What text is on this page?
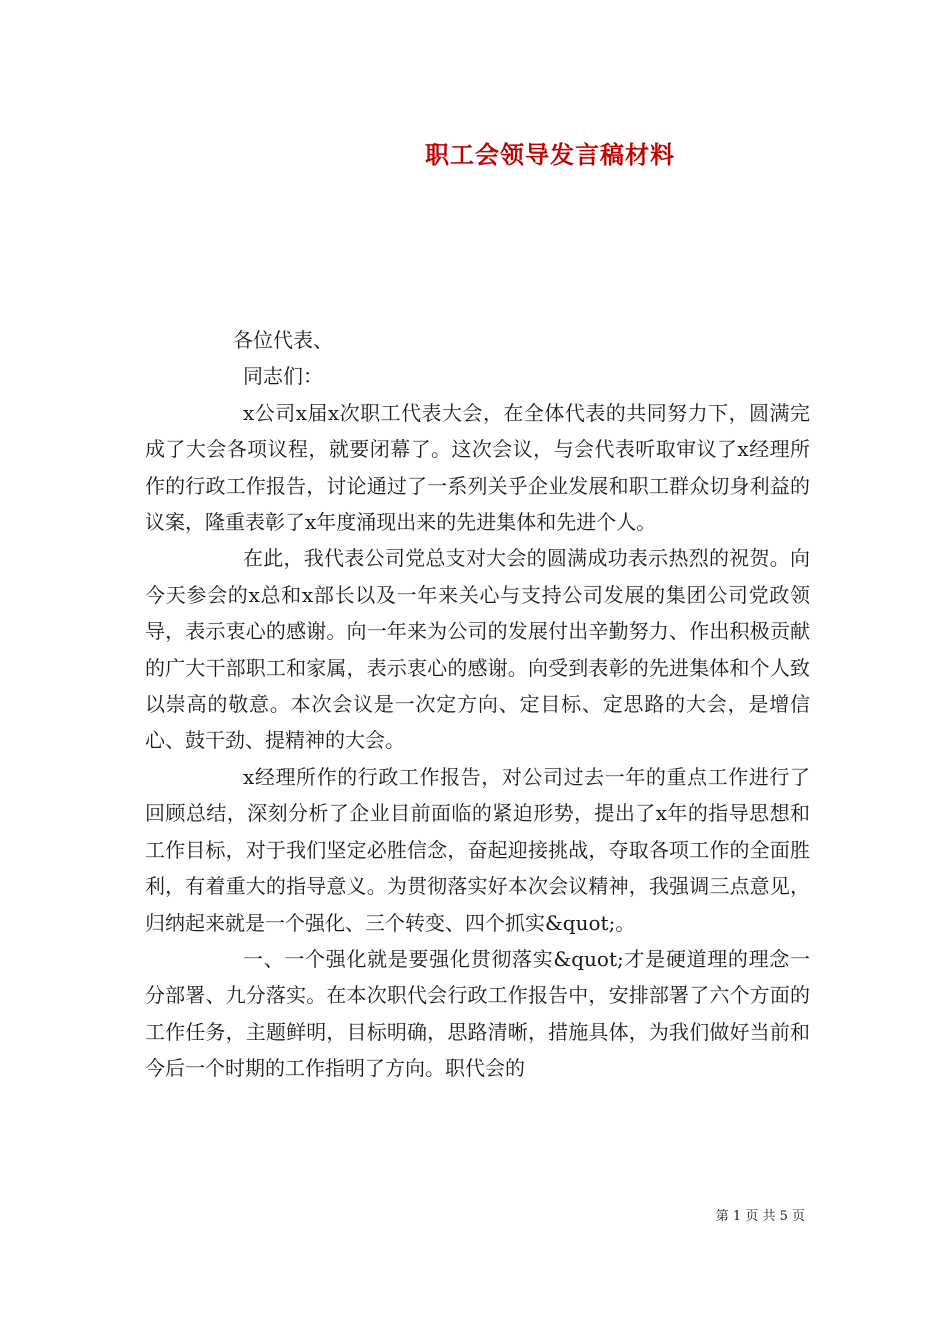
职工会领导发言稿材料

各位代表、

同志们：

x公司x届x次职工代表大会，在全体代表的共同努力下，圆满完成了大会各项议程，就要闭幕了。这次会议，与会代表听取审议了x经理所作的行政工作报告，讨论通过了一系列关乎企业发展和职工群众切身利益的议案，隆重表彰了x年度涌现出来的先进集体和先进个人。

在此，我代表公司党总支对大会的圆满成功表示热烈的祝贺。向今天参会的x总和x部长以及一年来关心与支持公司发展的集团公司党政领导，表示衷心的感谢。向一年来为公司的发展付出辛勤努力、作出积极贡献的广大干部职工和家属，表示衷心的感谢。向受到表彰的先进集体和个人致以崇高的敬意。本次会议是一次定方向、定目标、定思路的大会，是增信心、鼓干劲、提精神的大会。

x经理所作的行政工作报告，对公司过去一年的重点工作进行了回顾总结，深刻分析了企业目前面临的紧迫形势，提出了x年的指导思想和工作目标，对于我们坚定必胜信念，奋起迎接挑战，夺取各项工作的全面胜利，有着重大的指导意义。为贯彻落实好本次会议精神，我强调三点意见，归纳起来就是一个强化、三个转变、四个抓实&quot;。

一、一个强化就是要强化贯彻落实&quot;才是硬道理的理念一分部署、九分落实。在本次职代会行政工作报告中，安排部署了六个方面的工作任务，主题鲜明，目标明确，思路清晰，措施具体，为我们做好当前和今后一个时期的工作指明了方向。职代会的

第 1 页 共 5 页
